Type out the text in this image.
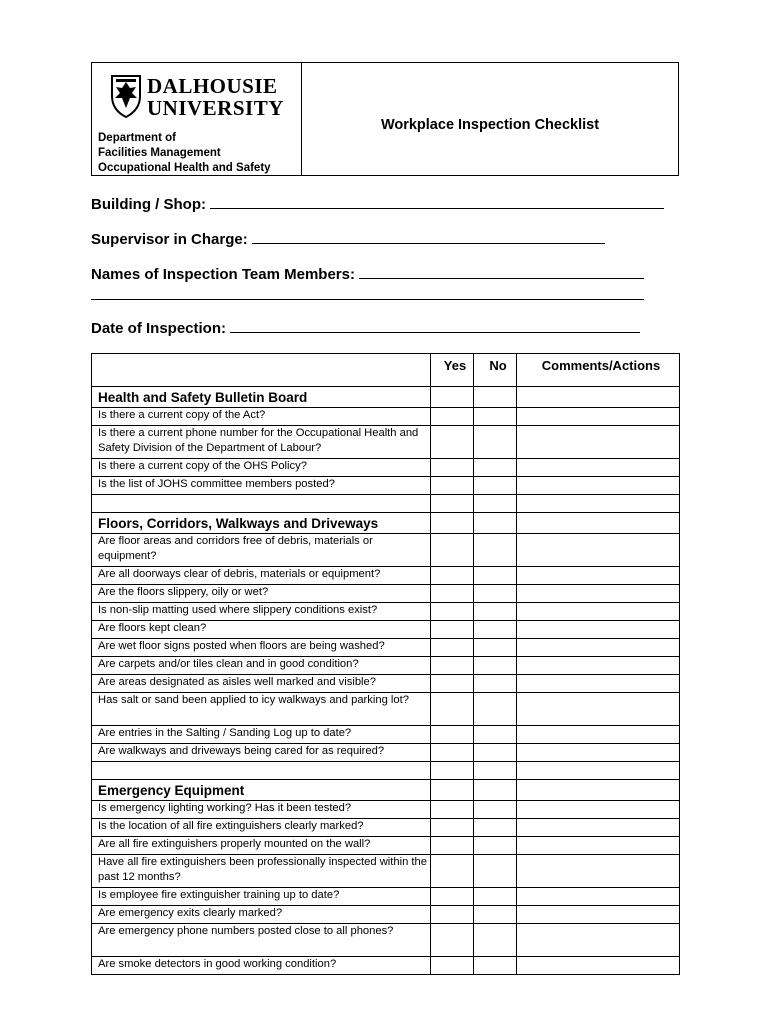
DALHOUSIE
UNIVERSITY
Department of
Facilities Management
Occupational Health and Safety
Workplace Inspection Checklist
Building / Shop:
Supervisor in Charge:
Names of Inspection Team Members:
Date of Inspection:
	Yes	No	Comments/Actions
Health and Safety Bulletin Board			
Is there a current copy of the Act?			
Is there a current phone number for the Occupational Health and Safety Division of the Department of Labour?			
Is there a current copy of the OHS Policy?			
Is the list of JOHS committee members posted?			

Floors, Corridors, Walkways and Driveways			
Are floor areas and corridors free of debris, materials or equipment?			
Are all doorways clear of debris, materials or equipment?			
Are the floors slippery, oily or wet?			
Is non-slip matting used where slippery conditions exist?			
Are floors kept clean?			
Are wet floor signs posted when floors are being washed?			
Are carpets and/or tiles clean and in good condition?			
Are areas designated as aisles well marked and visible?			
Has salt or sand been applied to icy walkways and parking lot?			
Are entries in the Salting / Sanding Log up to date?			
Are walkways and driveways being cared for as required?			

Emergency Equipment			
Is emergency lighting working? Has it been tested?			
Is the location of all fire extinguishers clearly marked?			
Are all fire extinguishers properly mounted on the wall?			
Have all fire extinguishers been professionally inspected within the past 12 months?			
Is employee fire extinguisher training up to date?			
Are emergency exits clearly marked?			
Are emergency phone numbers posted close to all phones?			
Are smoke detectors in good working condition?			
